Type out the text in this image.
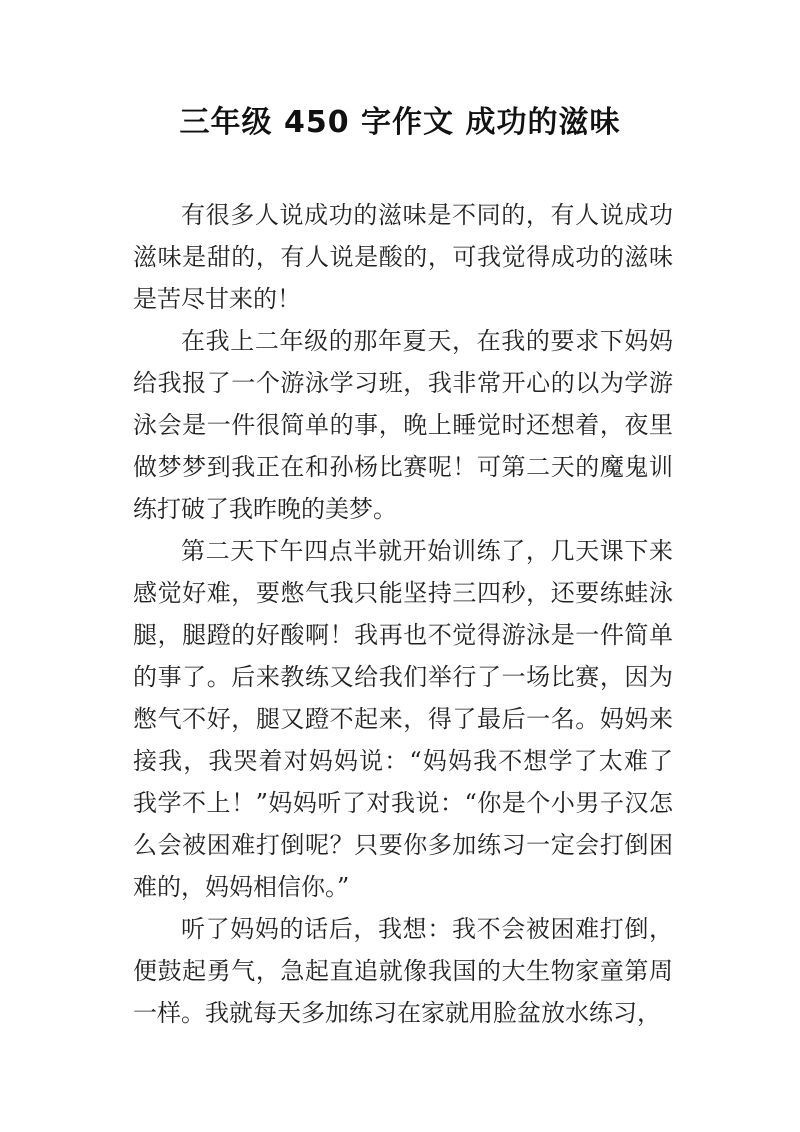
三年级 450 字作文 成功的滋味

有很多人说成功的滋味是不同的，有人说成功滋味是甜的，有人说是酸的，可我觉得成功的滋味是苦尽甘来的！

在我上二年级的那年夏天，在我的要求下妈妈给我报了一个游泳学习班，我非常开心的以为学游泳会是一件很简单的事，晚上睡觉时还想着，夜里做梦梦到我正在和孙杨比赛呢！可第二天的魔鬼训练打破了我昨晚的美梦。

第二天下午四点半就开始训练了，几天课下来感觉好难，要憋气我只能坚持三四秒，还要练蛙泳腿，腿蹬的好酸啊！我再也不觉得游泳是一件简单的事了。后来教练又给我们举行了一场比赛，因为憋气不好，腿又蹬不起来，得了最后一名。妈妈来接我，我哭着对妈妈说：“妈妈我不想学了太难了我学不上！”妈妈听了对我说：“你是个小男子汉怎么会被困难打倒呢？只要你多加练习一定会打倒困难的，妈妈相信你。”

听了妈妈的话后，我想：我不会被困难打倒，便鼓起勇气，急起直追就像我国的大生物家童第周一样。我就每天多加练习在家就用脸盆放水练习，
